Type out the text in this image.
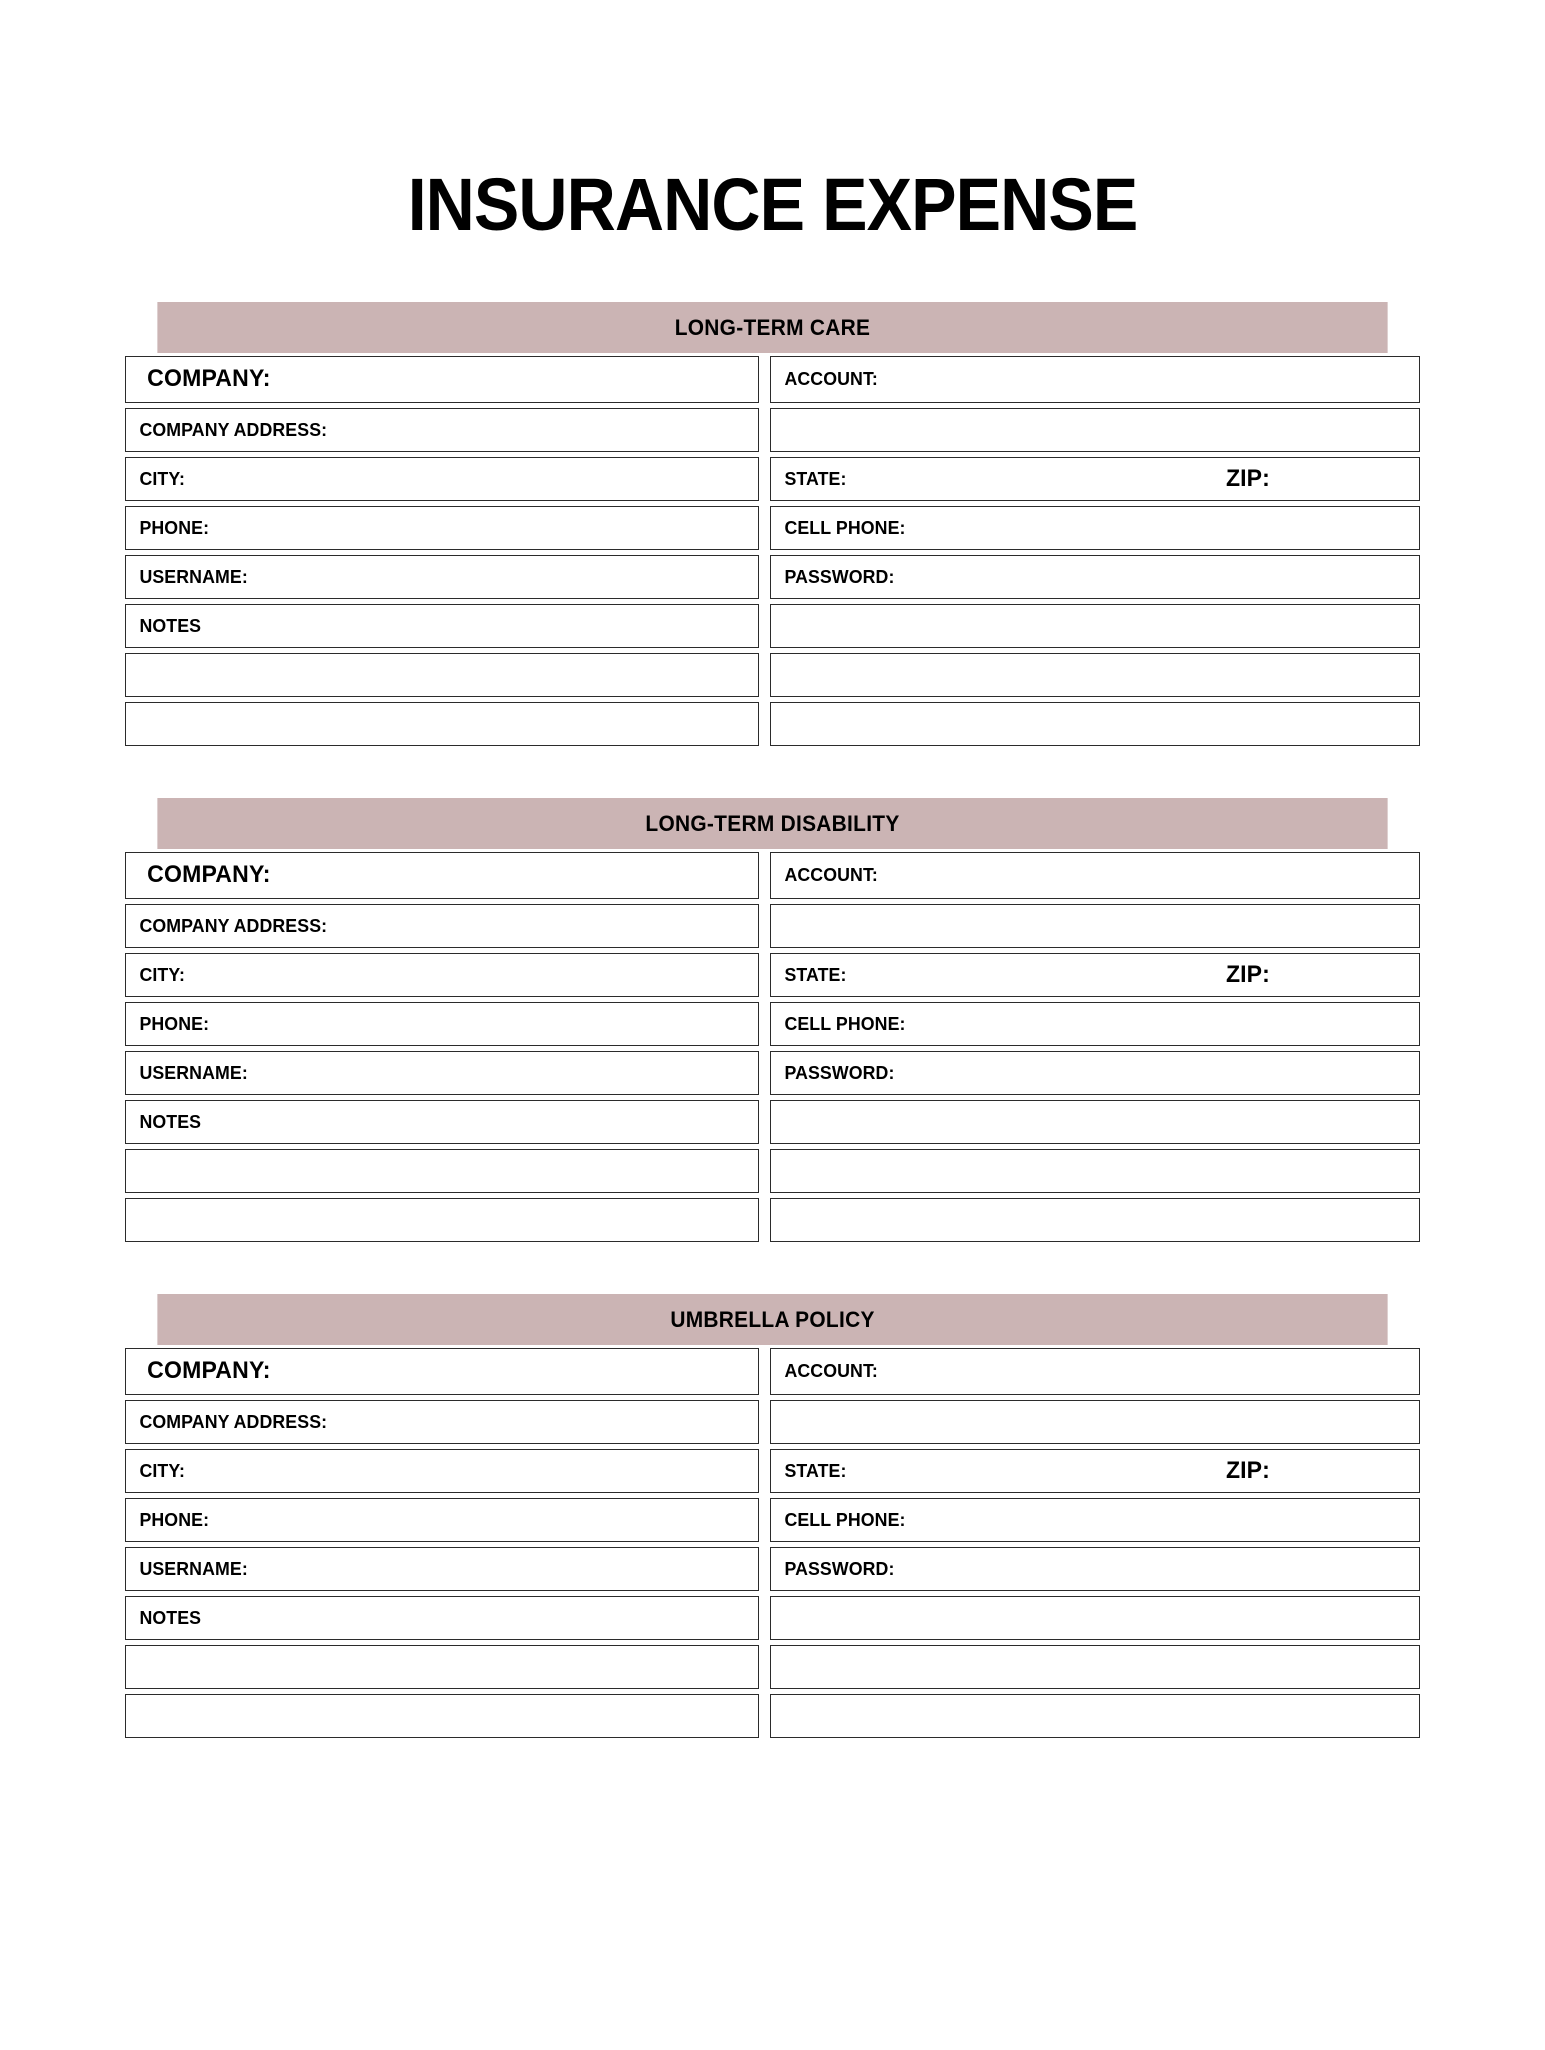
INSURANCE EXPENSE
LONG-TERM CARE
COMPANY:	ACCOUNT:
COMPANY ADDRESS:
CITY:	STATE:	ZIP:
PHONE:	CELL PHONE:
USERNAME:	PASSWORD:
NOTES
LONG-TERM DISABILITY
COMPANY:	ACCOUNT:
COMPANY ADDRESS:
CITY:	STATE:	ZIP:
PHONE:	CELL PHONE:
USERNAME:	PASSWORD:
NOTES
UMBRELLA POLICY
COMPANY:	ACCOUNT:
COMPANY ADDRESS:
CITY:	STATE:	ZIP:
PHONE:	CELL PHONE:
USERNAME:	PASSWORD:
NOTES
